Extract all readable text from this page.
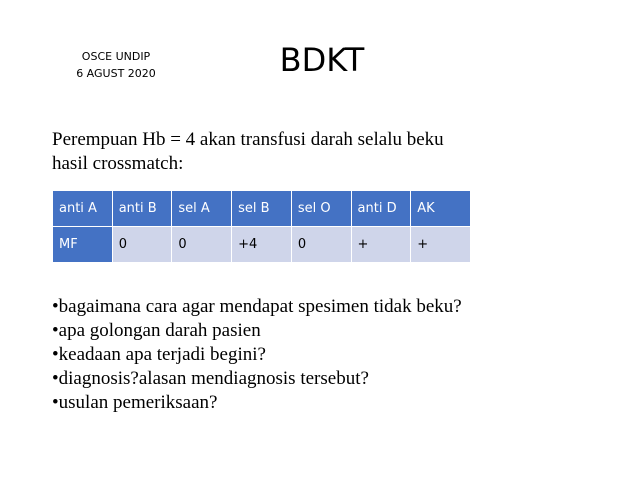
OSCE UNDIP
6 AGUST 2020	BDKT
Perempuan Hb = 4 akan transfusi darah selalu beku
hasil crossmatch:
anti A	anti B	sel A	sel B	sel O	anti D	AK
MF	0	0	+4	0	+	+
•bagaimana cara agar mendapat spesimen tidak beku?
•apa golongan darah pasien
•keadaan apa terjadi begini?
•diagnosis?alasan mendiagnosis tersebut?
•usulan pemeriksaan?
